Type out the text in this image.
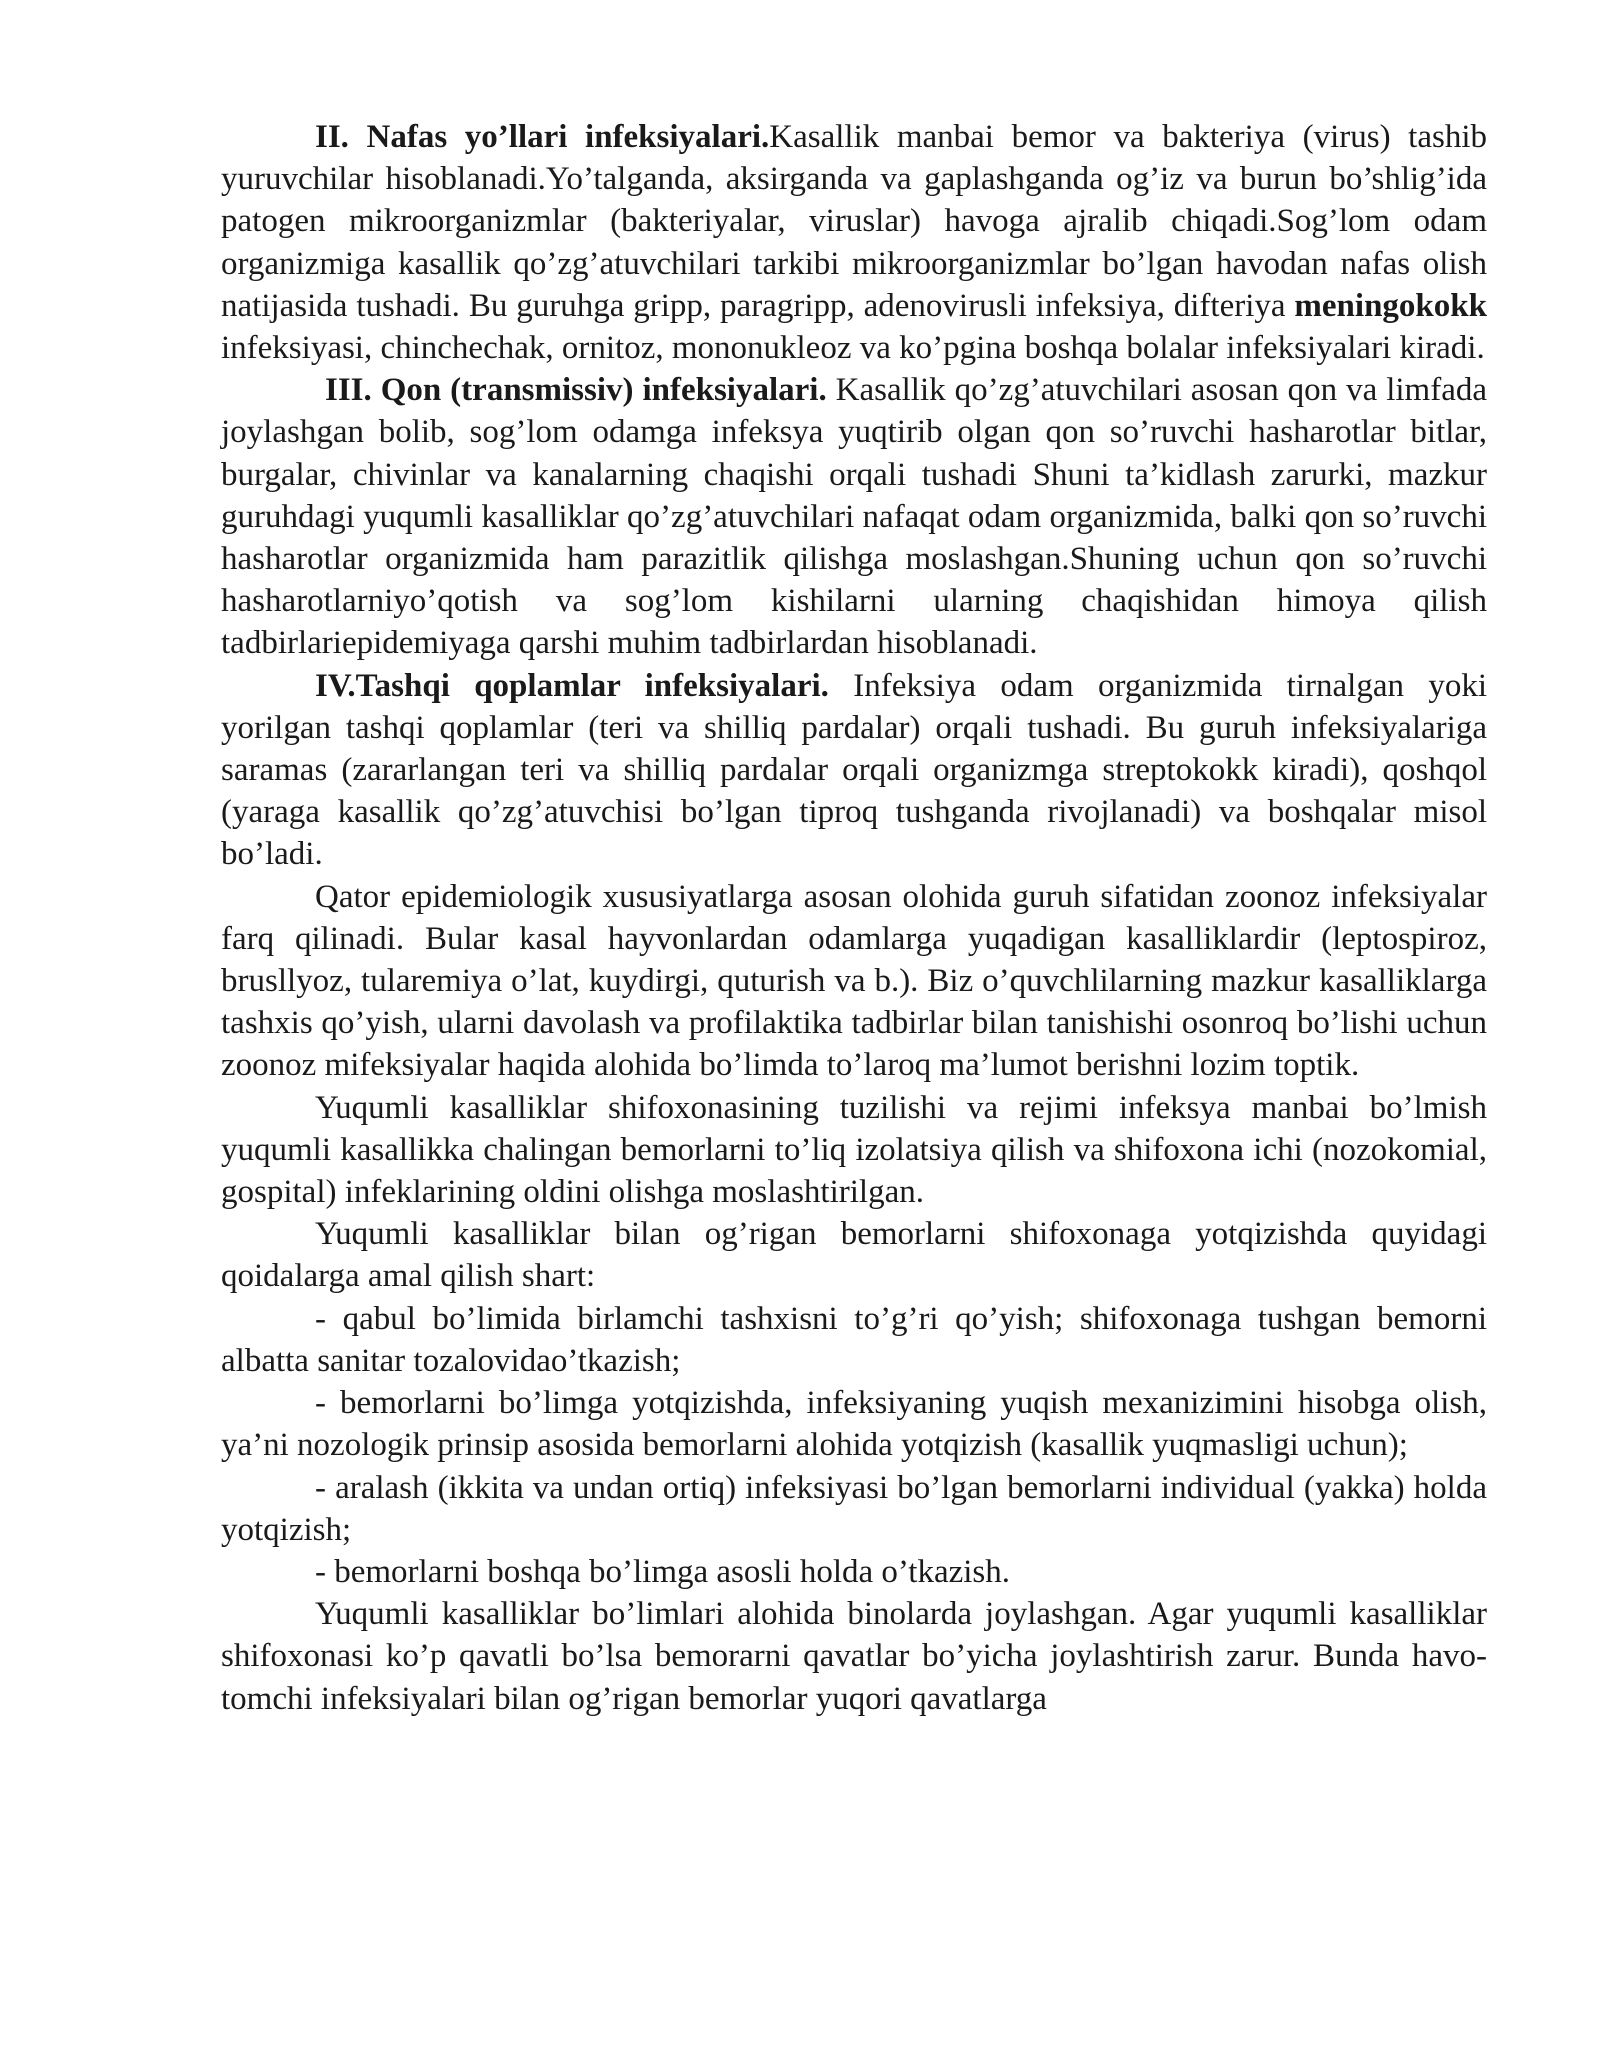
II. Nafas yo’llari infeksiyalari.Kasallik manbai bemor va bakteriya (virus) tashib yuruvchilar hisoblanadi.Yo’talganda, aksirganda va gaplashganda og’iz va burun bo’shlig’ida patogen mikroorganizmlar (bakteriyalar, viruslar) havoga ajralib chiqadi.Sog’lom odam organizmiga kasallik qo’zg’atuvchilari tarkibi mikroorganizmlar bo’lgan havodan nafas olish natijasida tushadi. Bu guruhga gripp, paragripp, adenovirusli infeksiya, difteriya meningokokk infeksiyasi, chinchechak, ornitoz, mononukleoz va ko’pgina boshqa bolalar infeksiyalari kiradi.

III. Qon (transmissiv) infeksiyalari. Kasallik qo’zg’atuvchilari asosan qon va limfada joylashgan bolib, sog’lom odamga infeksya yuqtirib olgan qon so’ruvchi hasharotlar bitlar, burgalar, chivinlar va kanalarning chaqishi orqali tushadi Shuni ta’kidlash zarurki, mazkur guruhdagi yuqumli kasalliklar qo’zg’atuvchilari nafaqat odam organizmida, balki qon so’ruvchi hasharotlar organizmida ham parazitlik qilishga moslashgan.Shuning uchun qon so’ruvchi hasharotlarniyo’qotish va sog’lom kishilarni ularning chaqishidan himoya qilish tadbirlariepidemiyaga qarshi muhim tadbirlardan hisoblanadi.

IV.Tashqi qoplamlar infeksiyalari. Infeksiya odam organizmida tirnalgan yoki yorilgan tashqi qoplamlar (teri va shilliq pardalar) orqali tushadi. Bu guruh infeksiyalariga saramas (zararlangan teri va shilliq pardalar orqali organizmga streptokokk kiradi), qoshqol (yaraga kasallik qo’zg’atuvchisi bo’lgan tiproq tushganda rivojlanadi) va boshqalar misol bo’ladi.

Qator epidemiologik xususiyatlarga asosan olohida guruh sifatidan zoonoz infeksiyalar farq qilinadi. Bular kasal hayvonlardan odamlarga yuqadigan kasalliklardir (leptospiroz, brusllyoz, tularemiya o’lat, kuydirgi, quturish va b.). Biz o’quvchlilarning mazkur kasalliklarga tashxis qo’yish, ularni davolash va profilaktika tadbirlar bilan tanishishi osonroq bo’lishi uchun zoonoz mifeksiyalar haqida alohida bo’limda to’laroq ma’lumot berishni lozim toptik.

Yuqumli kasalliklar shifoxonasining tuzilishi va rejimi infeksya manbai bo’lmish yuqumli kasallikka chalingan bemorlarni to’liq izolatsiya qilish va shifoxona ichi (nozokomial, gospital) infeklarining oldini olishga moslashtirilgan.

Yuqumli kasalliklar bilan og’rigan bemorlarni shifoxonaga yotqizishda quyidagi qoidalarga amal qilish shart:

- qabul bo’limida birlamchi tashxisni to’g’ri qo’yish; shifoxonaga tushgan bemorni albatta sanitar tozalovidao’tkazish;

- bemorlarni bo’limga yotqizishda, infeksiyaning yuqish mexanizimini hisobga olish, ya’ni nozologik prinsip asosida bemorlarni alohida yotqizish (kasallik yuqmasligi uchun);

- aralash (ikkita va undan ortiq) infeksiyasi bo’lgan bemorlarni individual (yakka) holda yotqizish;

- bemorlarni boshqa bo’limga asosli holda o’tkazish.

Yuqumli kasalliklar bo’limlari alohida binolarda joylashgan. Agar yuqumli kasalliklar shifoxonasi ko’p qavatli bo’lsa bemorarni qavatlar bo’yicha joylashtirish zarur. Bunda havo-tomchi infeksiyalari bilan og’rigan bemorlar yuqori qavatlarga
